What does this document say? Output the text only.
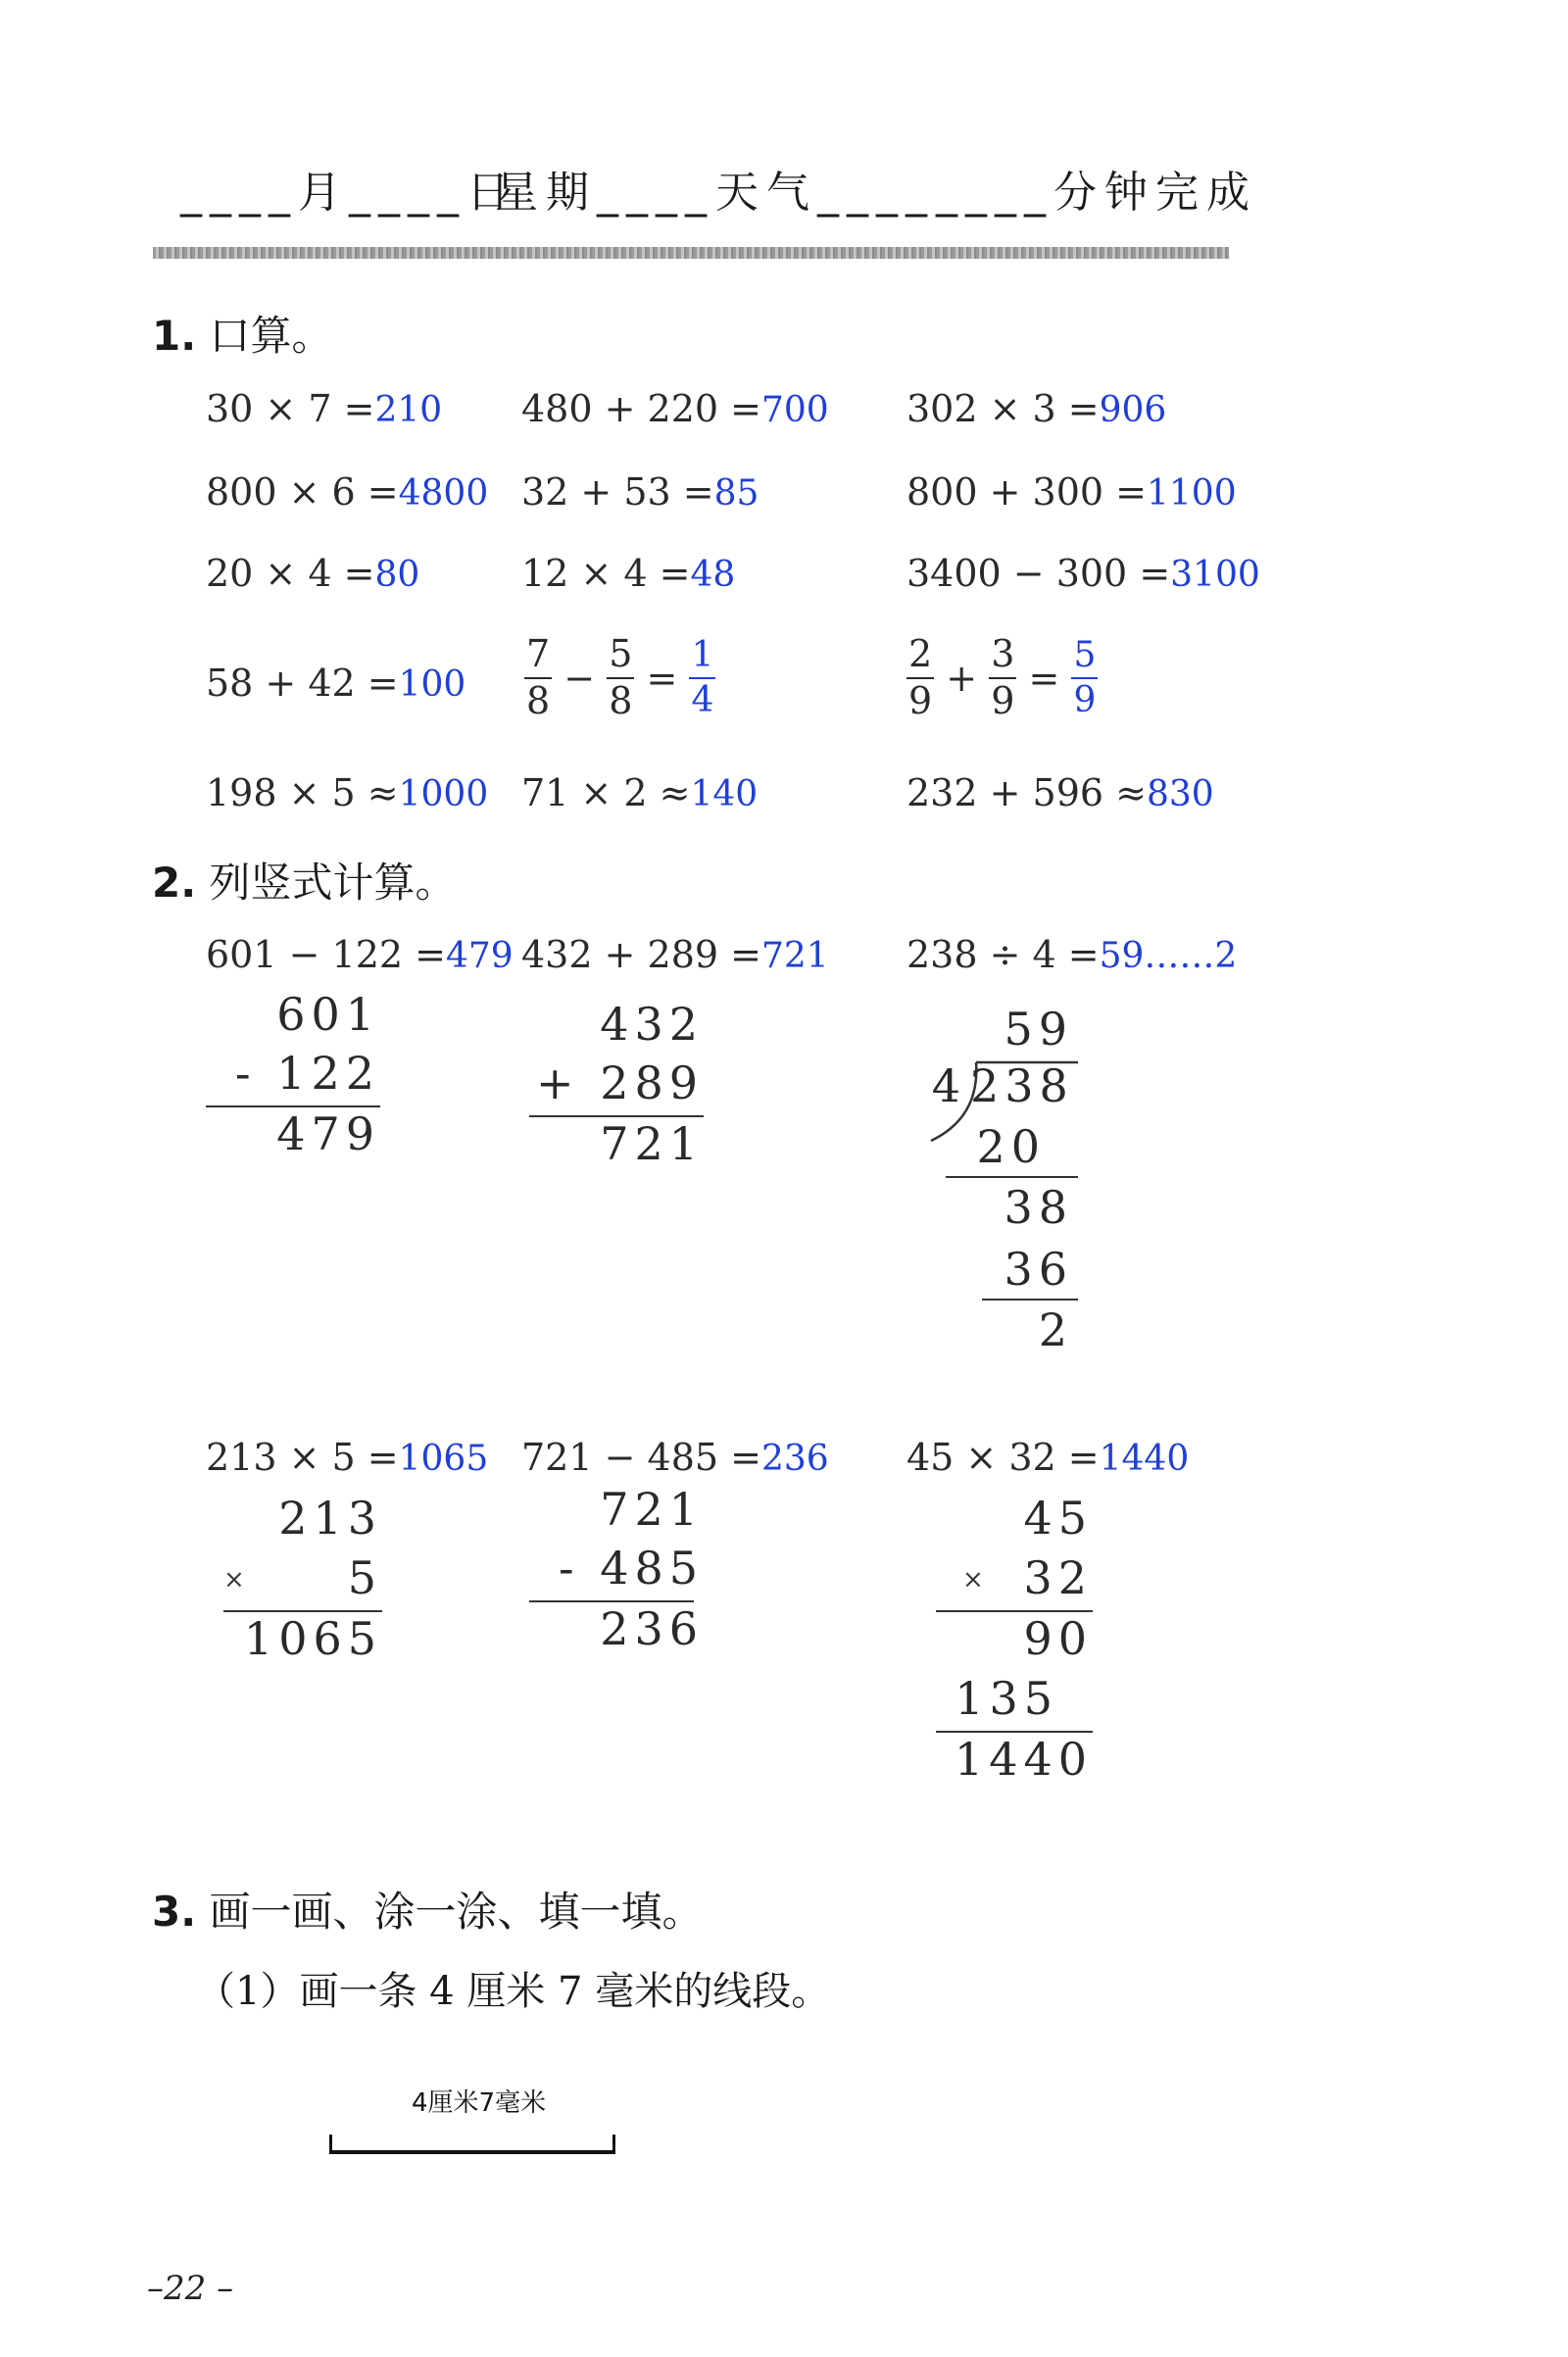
____月____日
星期____ 天气____ ____分钟完成
1. 口算。
30 × 7 =210 480 + 220 =700 302 × 3 =906
800 × 6 =4800 32 + 53 =85	800 + 300 =1100
20 × 4 =80	12 × 4 =48	3400 − 300 =3100
$58 + 42 =100 \frac{7}{8} - \frac{5}{8} = \frac{1}{4}$	$\frac{2}{9} + \frac{3}{9} = \frac{5}{9}$
198 × 5 ≈1000 71 × 2 ≈140	232 + 596 ≈830
2. 列竖式计算。
601 − 122 =479 432 + 289 =721 238 ÷ 4 =59……2
601
- 122
479
432
+ 289
721
59
4 238
20
38
36
2
213 × 5 =1065 721 − 485 =236 45 × 32 =1440
213
×	5
1065
721
- 485
236
45
× 32
90
135
1440
3. 画一画、涂一涂、填一填。
（1）画一条 4 厘米 7 毫米的线段。
4厘米7毫米
–22 –
